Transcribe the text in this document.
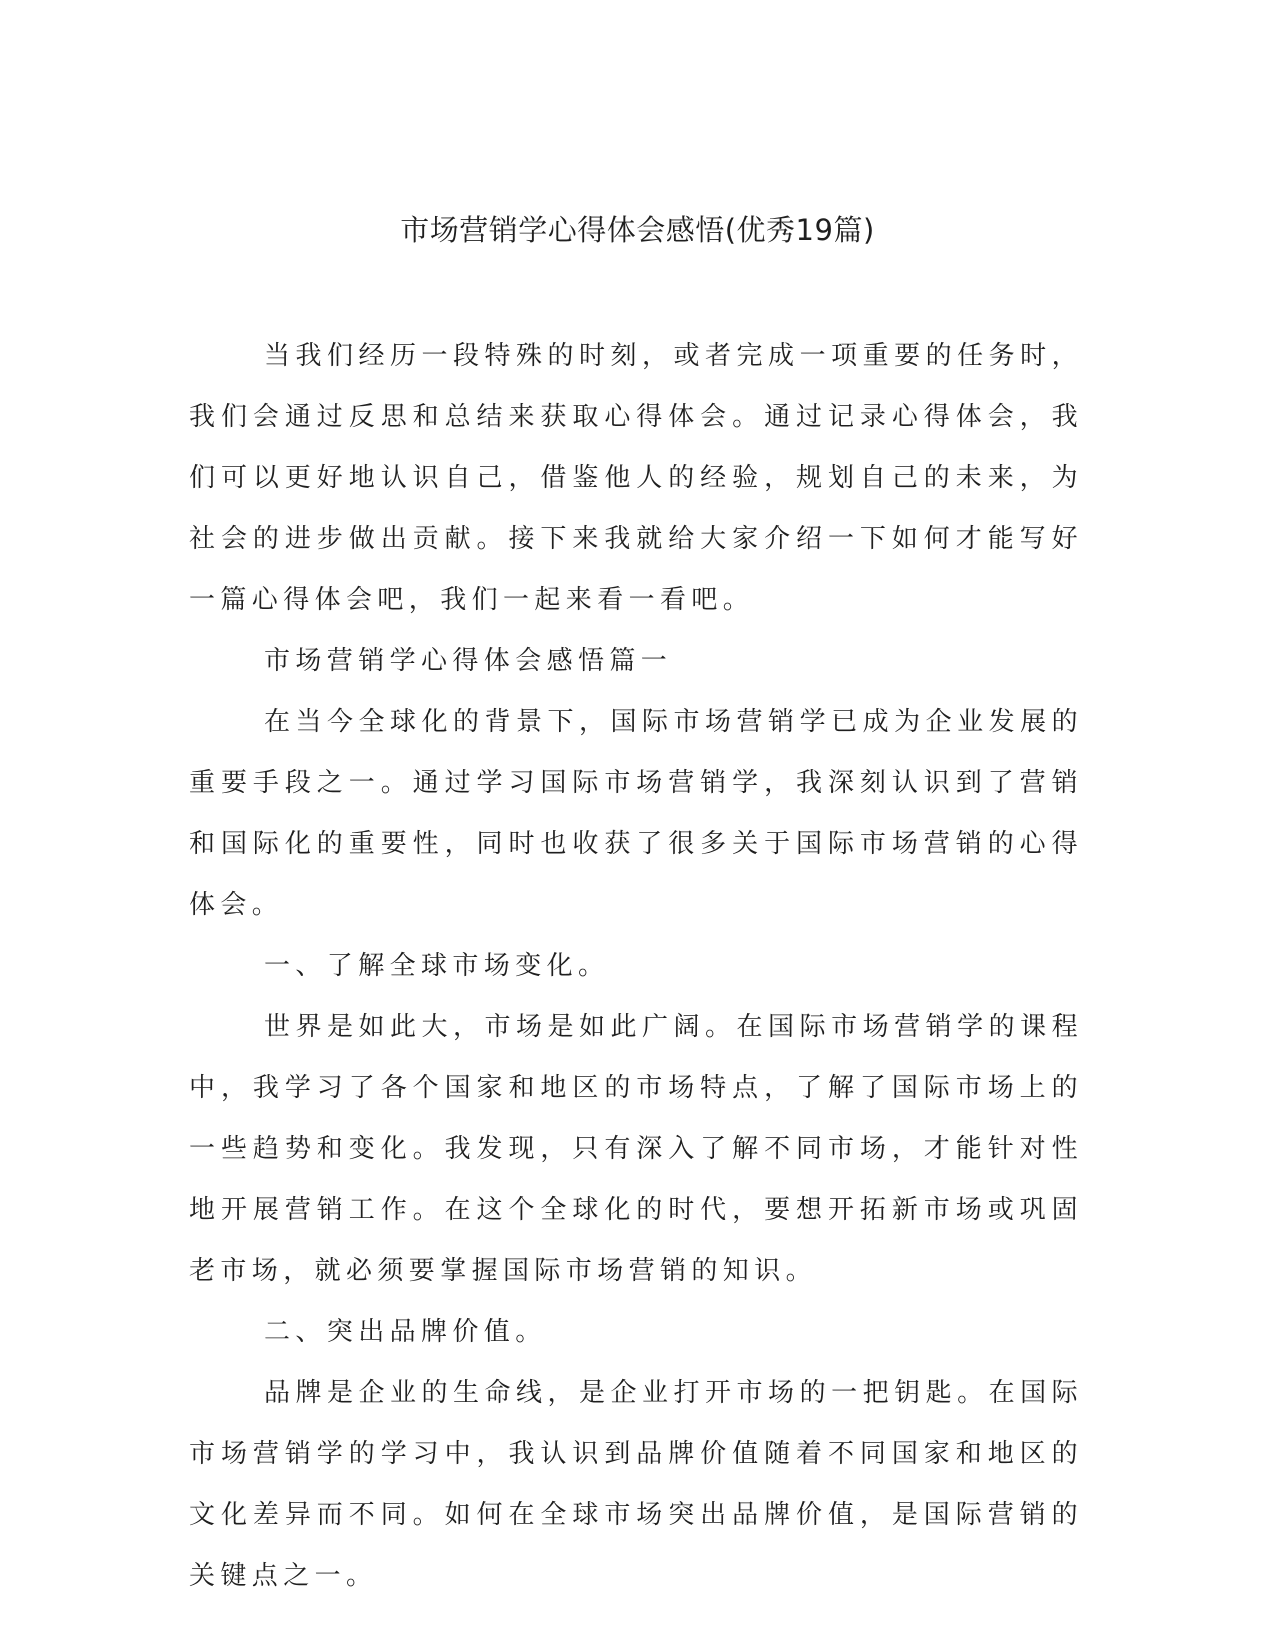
市场营销学心得体会感悟(优秀19篇)

当我们经历一段特殊的时刻，或者完成一项重要的任务时，我们会通过反思和总结来获取心得体会。通过记录心得体会，我们可以更好地认识自己，借鉴他人的经验，规划自己的未来，为社会的进步做出贡献。接下来我就给大家介绍一下如何才能写好一篇心得体会吧，我们一起来看一看吧。

市场营销学心得体会感悟篇一

在当今全球化的背景下，国际市场营销学已成为企业发展的重要手段之一。通过学习国际市场营销学，我深刻认识到了营销和国际化的重要性，同时也收获了很多关于国际市场营销的心得体会。

一、了解全球市场变化。

世界是如此大，市场是如此广阔。在国际市场营销学的课程中，我学习了各个国家和地区的市场特点，了解了国际市场上的一些趋势和变化。我发现，只有深入了解不同市场，才能针对性地开展营销工作。在这个全球化的时代，要想开拓新市场或巩固老市场，就必须要掌握国际市场营销的知识。

二、突出品牌价值。

品牌是企业的生命线，是企业打开市场的一把钥匙。在国际市场营销学的学习中，我认识到品牌价值随着不同国家和地区的文化差异而不同。如何在全球市场突出品牌价值，是国际营销的关键点之一。
